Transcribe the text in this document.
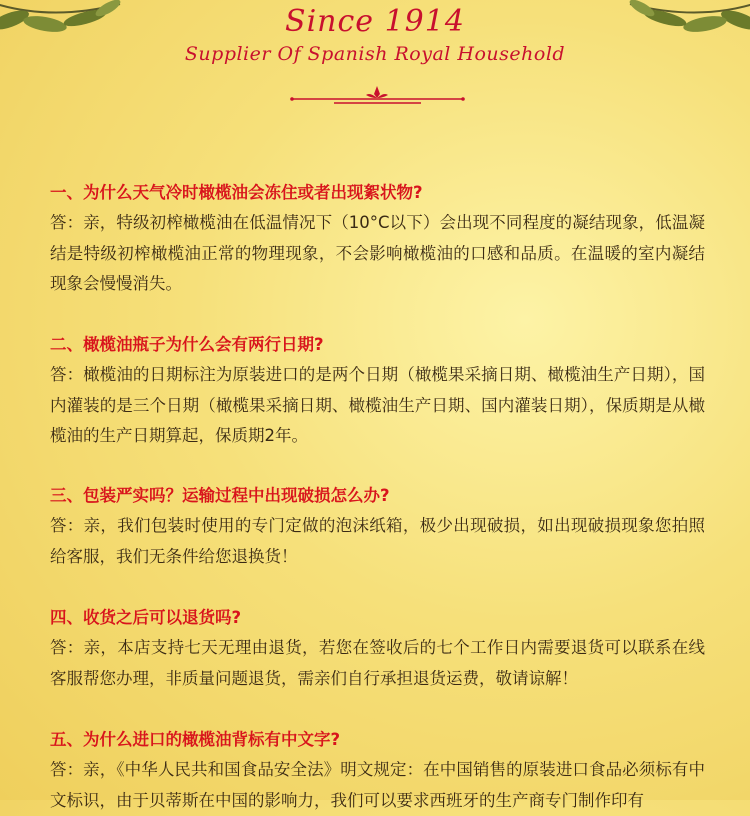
Since 1914
Supplier Of Spanish Royal Household

一、为什么天气冷时橄榄油会冻住或者出现絮状物?

答：亲，特级初榨橄榄油在低温情况下（10°C以下）会出现不同程度的凝结现象，低温凝结是特级初榨橄榄油正常的物理现象，不会影响橄榄油的口感和品质。在温暖的室内凝结现象会慢慢消失。

二、橄榄油瓶子为什么会有两行日期?

答：橄榄油的日期标注为原装进口的是两个日期（橄榄果采摘日期、橄榄油生产日期），国内灌装的是三个日期（橄榄果采摘日期、橄榄油生产日期、国内灌装日期），保质期是从橄榄油的生产日期算起，保质期2年。

三、包装严实吗？运输过程中出现破损怎么办?

答：亲，我们包装时使用的专门定做的泡沫纸箱，极少出现破损，如出现破损现象您拍照给客服，我们无条件给您退换货！

四、收货之后可以退货吗?

答：亲，本店支持七天无理由退货，若您在签收后的七个工作日内需要退货可以联系在线客服帮您办理，非质量问题退货，需亲们自行承担退货运费，敬请谅解！

五、为什么进口的橄榄油背标有中文字?

答：亲，《中华人民共和国食品安全法》明文规定：在中国销售的原装进口食品必须标有中文标识，由于贝蒂斯在中国的影响力，我们可以要求西班牙的生产商专门制作印有
